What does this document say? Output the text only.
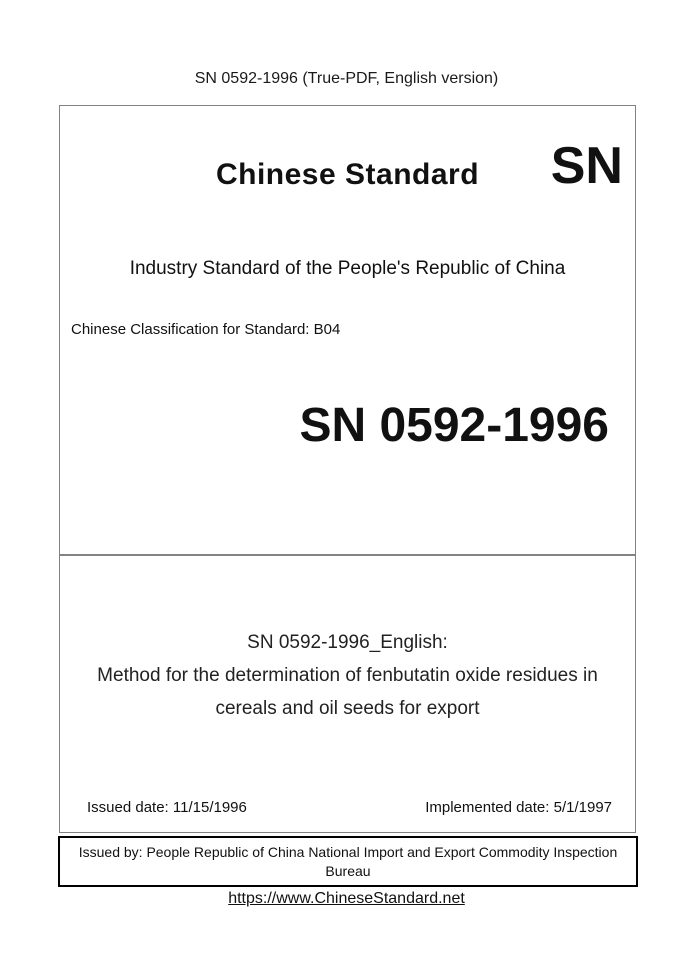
SN 0592-1996 (True-PDF, English version)
Chinese Standard	SN
Industry Standard of the People's Republic of China
Chinese Classification for Standard: B04
SN 0592-1996
SN 0592-1996_English:
Method for the determination of fenbutatin oxide residues in
cereals and oil seeds for export
Issued date: 11/15/1996	Implemented date: 5/1/1997
Issued by: People Republic of China National Import and Export Commodity Inspection
Bureau
https://www.ChineseStandard.net
